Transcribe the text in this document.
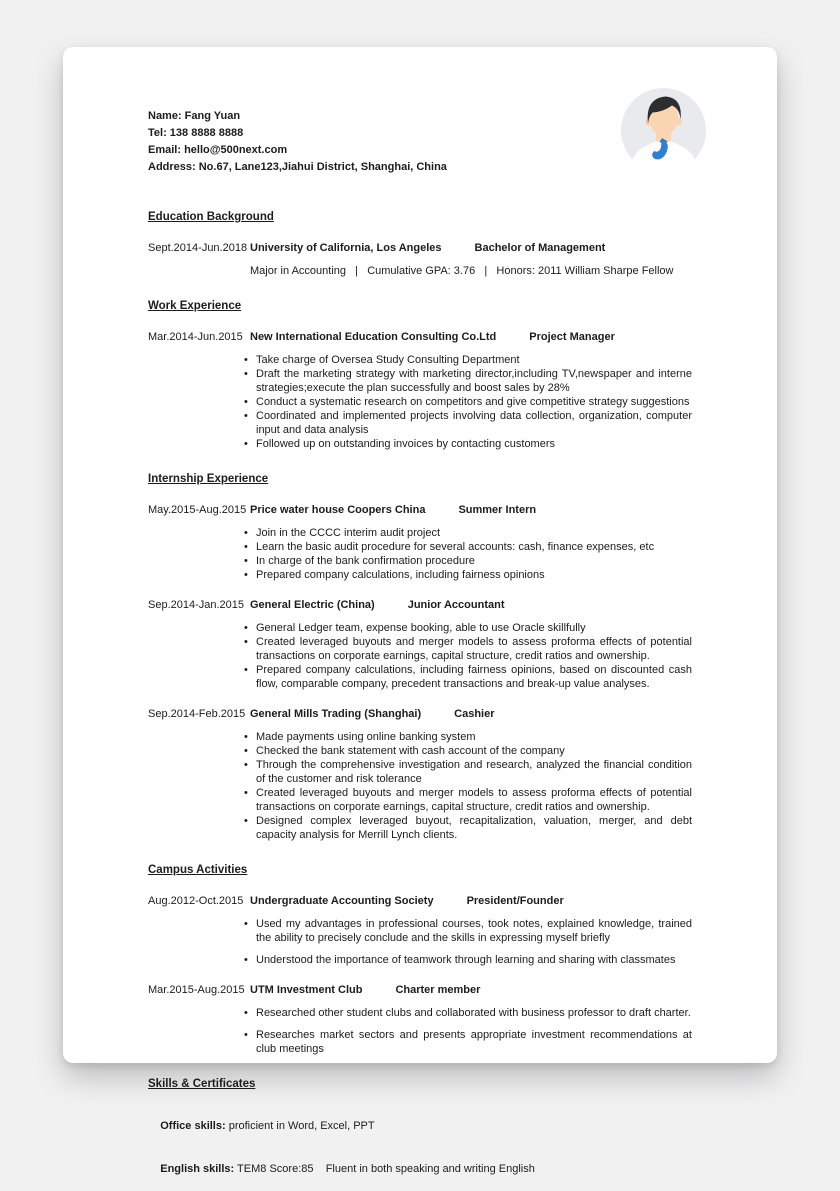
Name: Fang Yuan
Tel: 138 8888 8888
Email: hello@500next.com
Address: No.67, Lane123,Jiahui District, Shanghai, China
Education Background
Sept.2014-Jun.2018 University of California, Los Angeles	Bachelor of Management
Major in Accounting   |   Cumulative GPA: 3.76   |   Honors: 2011 William Sharpe Fellow
Work Experience
Mar.2014-Jun.2015 New International Education Consulting Co.Ltd	Project Manager
• Take charge of Oversea Study Consulting Department
• Draft the marketing strategy with marketing director,including TV,newspaper and interne strategies;execute the plan successfully and boost sales by 28%
• Conduct a systematic research on competitors and give competitive strategy suggestions
• Coordinated and implemented projects involving data collection, organization, computer input and data analysis
• Followed up on outstanding invoices by contacting customers
Internship Experience
May.2015-Aug.2015 Price water house Coopers China	Summer Intern
• Join in the CCCC interim audit project
• Learn the basic audit procedure for several accounts: cash, finance expenses, etc
• In charge of the bank confirmation procedure
• Prepared company calculations, including fairness opinions
Sep.2014-Jan.2015 General Electric (China)	Junior Accountant
• General Ledger team, expense booking, able to use Oracle skillfully
• Created leveraged buyouts and merger models to assess proforma effects of potential transactions on corporate earnings, capital structure, credit ratios and ownership.
• Prepared company calculations, including fairness opinions, based on discounted cash flow, comparable company, precedent transactions and break-up value analyses.
Sep.2014-Feb.2015 General Mills Trading (Shanghai)	Cashier
• Made payments using online banking system
• Checked the bank statement with cash account of the company
• Through the comprehensive investigation and research, analyzed the financial condition of the customer and risk tolerance
• Created leveraged buyouts and merger models to assess proforma effects of potential transactions on corporate earnings, capital structure, credit ratios and ownership.
• Designed complex leveraged buyout, recapitalization, valuation, merger, and debt capacity analysis for Merrill Lynch clients.
Campus Activities
Aug.2012-Oct.2015 Undergraduate Accounting Society	President/Founder
• Used my advantages in professional courses, took notes, explained knowledge, trained the ability to precisely conclude and the skills in expressing myself briefly
• Understood the importance of teamwork through learning and sharing with classmates
Mar.2015-Aug.2015 UTM Investment Club	Charter member
• Researched other student clubs and collaborated with business professor to draft charter.
• Researches market sectors and presents appropriate investment recommendations at club meetings
Skills & Certificates

Office skills: proficient in Word, Excel, PPT

English skills: TEM8 Score:85    Fluent in both speaking and writing English
